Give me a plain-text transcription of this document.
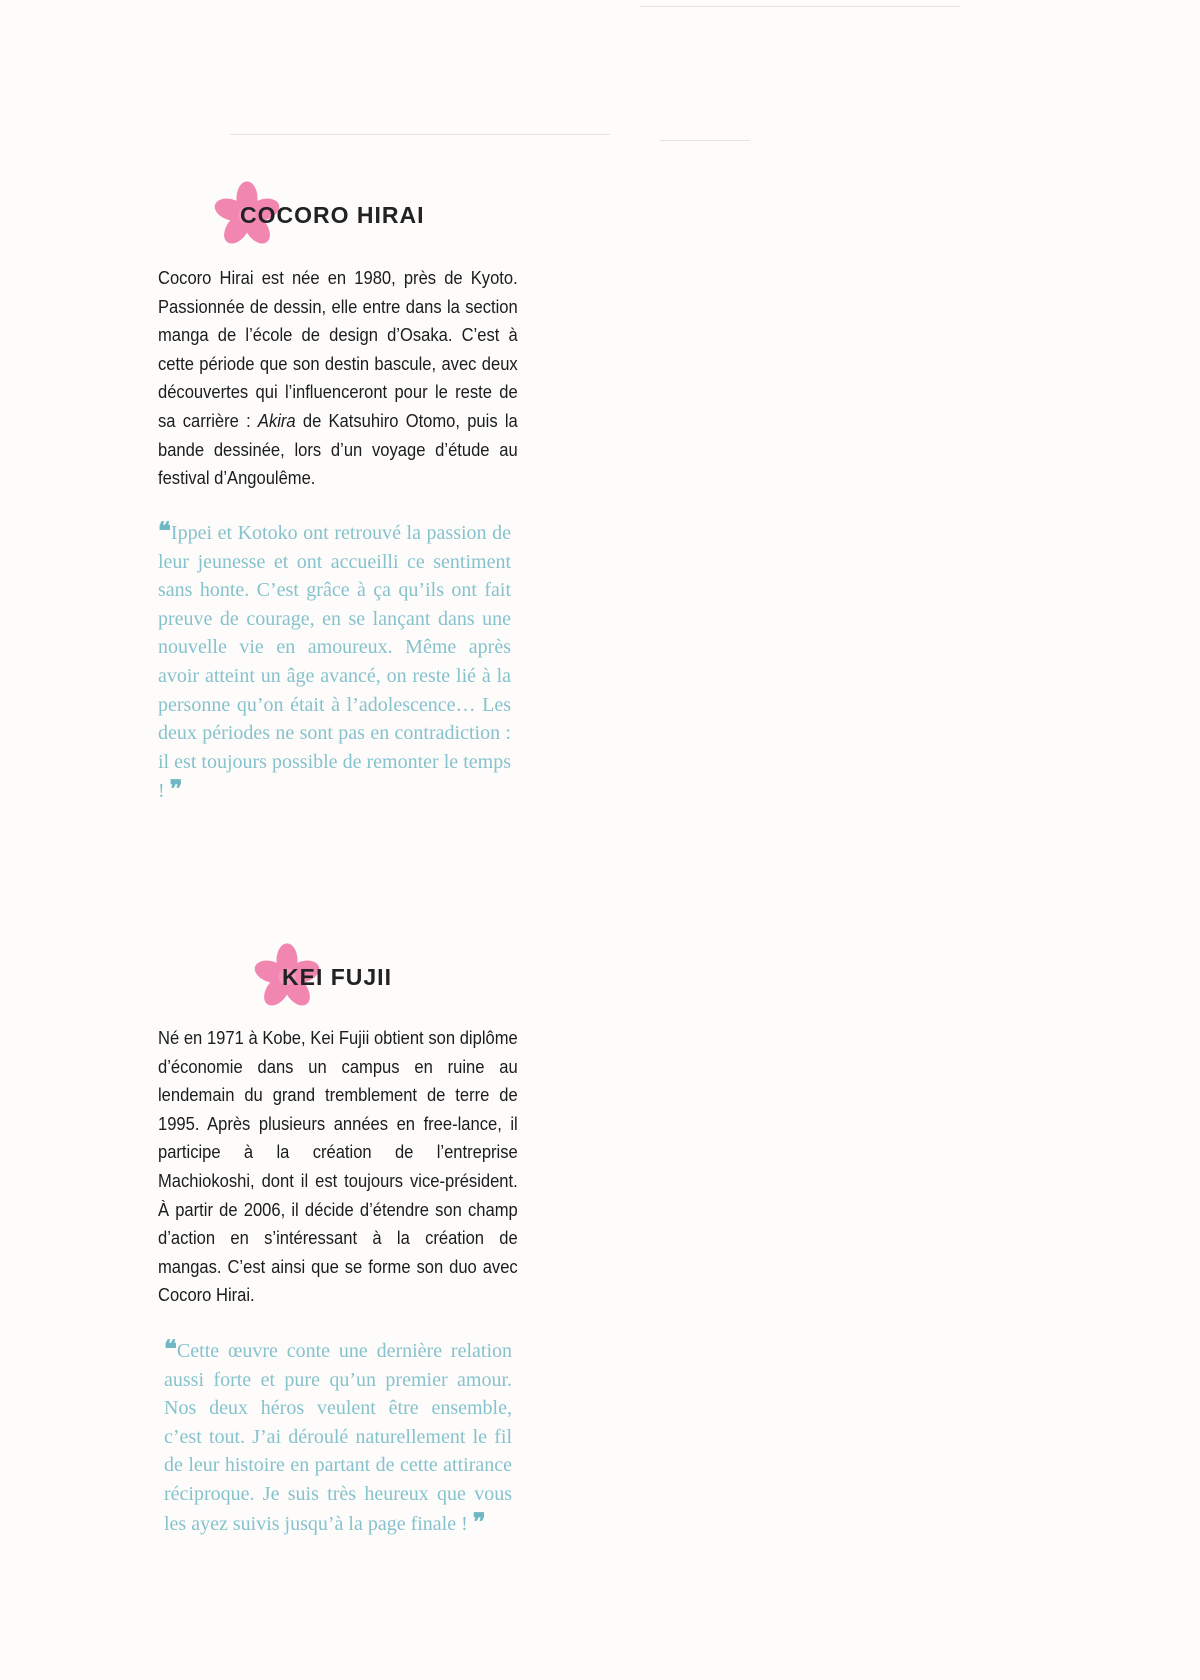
COCORO HIRAI

Cocoro Hirai est née en 1980, près de Kyoto. Passionnée de dessin, elle entre dans la section manga de l’école de design d’Osaka. C’est à cette période que son destin bascule, avec deux découvertes qui l’influenceront pour le reste de sa carrière : Akira de Katsuhiro Otomo, puis la bande dessinée, lors d’un voyage d’étude au festival d’Angoulême.

❝Ippei et Kotoko ont retrouvé la passion de leur jeunesse et ont accueilli ce sentiment sans honte. C’est grâce à ça qu’ils ont fait preuve de courage, en se lançant dans une nouvelle vie en amoureux. Même après avoir atteint un âge avancé, on reste lié à la personne qu’on était à l’adolescence… Les deux périodes ne sont pas en contradiction : il est toujours possible de remonter le temps ! ❞

KEI FUJII

Né en 1971 à Kobe, Kei Fujii obtient son diplôme d’économie dans un campus en ruine au lendemain du grand tremblement de terre de 1995. Après plusieurs années en free-lance, il participe à la création de l’entreprise Machiokoshi, dont il est toujours vice-président. À partir de 2006, il décide d’étendre son champ d’action en s’intéressant à la création de mangas. C’est ainsi que se forme son duo avec Cocoro Hirai.

❝Cette œuvre conte une dernière relation aussi forte et pure qu’un premier amour. Nos deux héros veulent être ensemble, c’est tout. J’ai déroulé naturellement le fil de leur histoire en partant de cette attirance réciproque. Je suis très heureux que vous les ayez suivis jusqu’à la page finale ! ❞
